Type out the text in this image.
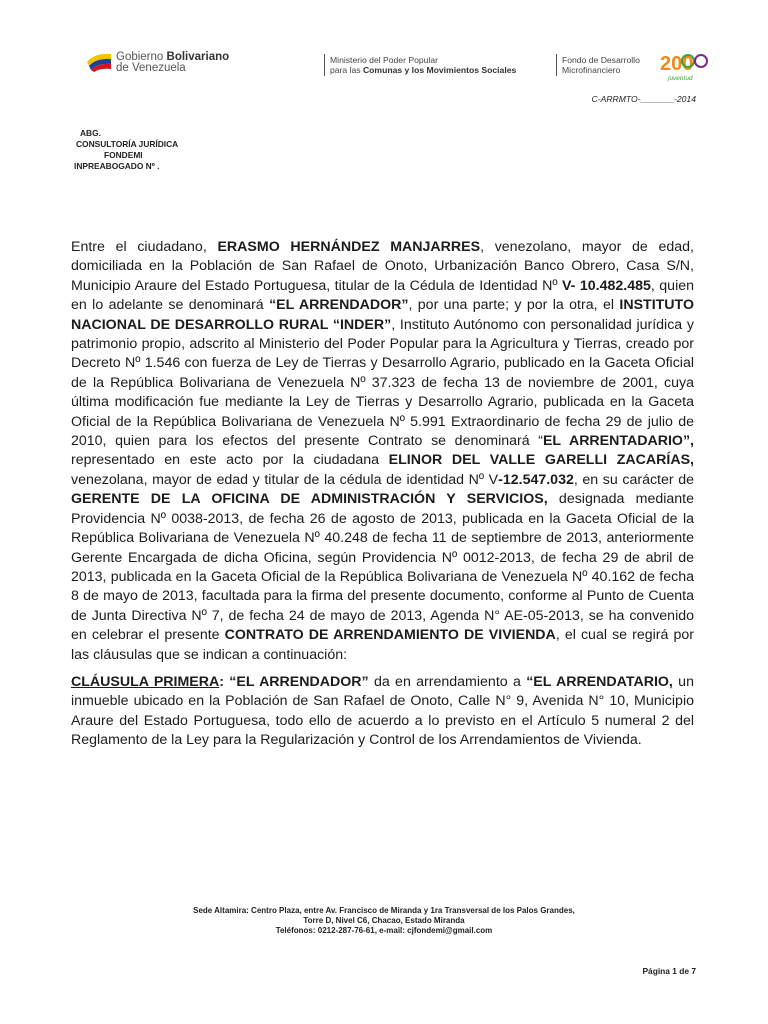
Gobierno Bolivariano
de Venezuela
Ministerio del Poder Popular
para las Comunas y los Movimientos Sociales
Fondo de Desarrollo
Microfinanciero	200
juventud
C-ARRMTO-_______-2014
ABG.
CONSULTORÍA JURÍDICA
FONDEMI
INPREABOGADO Nº .

Entre el ciudadano, ERASMO HERNÁNDEZ MANJARRES, venezolano, mayor de edad, domiciliada en la Población de San Rafael de Onoto, Urbanización Banco Obrero, Casa S/N, Municipio Araure del Estado Portuguesa, titular de la Cédula de Identidad Nº V- 10.482.485, quien en lo adelante se denominará “EL ARRENDADOR”, por una parte; y por la otra, el INSTITUTO NACIONAL DE DESARROLLO RURAL “INDER”, Instituto Autónomo con personalidad jurídica y patrimonio propio, adscrito al Ministerio del Poder Popular para la Agricultura y Tierras, creado por Decreto Nº 1.546 con fuerza de Ley de Tierras y Desarrollo Agrario, publicado en la Gaceta Oficial de la República Bolivariana de Venezuela Nº 37.323 de fecha 13 de noviembre de 2001, cuya última modificación fue mediante la Ley de Tierras y Desarrollo Agrario, publicada en la Gaceta Oficial de la República Bolivariana de Venezuela Nº 5.991 Extraordinario de fecha 29 de julio de 2010, quien para los efectos del presente Contrato se denominará “EL ARRENTADARIO”, representado en este acto por la ciudadana ELINOR DEL VALLE GARELLI ZACARÍAS, venezolana, mayor de edad y titular de la cédula de identidad Nº V-12.547.032, en su carácter de GERENTE DE LA OFICINA DE ADMINISTRACIÓN Y SERVICIOS, designada mediante Providencia Nº 0038-2013, de fecha 26 de agosto de 2013, publicada en la Gaceta Oficial de la República Bolivariana de Venezuela Nº 40.248 de fecha 11 de septiembre de 2013, anteriormente Gerente Encargada de dicha Oficina, según Providencia Nº 0012-2013, de fecha 29 de abril de 2013, publicada en la Gaceta Oficial de la República Bolivariana de Venezuela Nº 40.162 de fecha 8 de mayo de 2013, facultada para la firma del presente documento, conforme al Punto de Cuenta de Junta Directiva Nº 7, de fecha 24 de mayo de 2013, Agenda N° AE-05-2013, se ha convenido en celebrar el presente CONTRATO DE ARRENDAMIENTO DE VIVIENDA, el cual se regirá por las cláusulas que se indican a continuación:

CLÁUSULA PRIMERA: “EL ARRENDADOR” da en arrendamiento a “EL ARRENDATARIO, un inmueble ubicado en la Población de San Rafael de Onoto, Calle N° 9, Avenida N° 10, Municipio Araure del Estado Portuguesa, todo ello de acuerdo a lo previsto en el Artículo 5 numeral 2 del Reglamento de la Ley para la Regularización y Control de los Arrendamientos de Vivienda.

Sede Altamira: Centro Plaza, entre Av. Francisco de Miranda y 1ra Transversal de los Palos Grandes,
Torre D, Nivel C6, Chacao, Estado Miranda
Teléfonos: 0212-287-76-61, e-mail: cjfondemi@gmail.com
Página 1 de 7
